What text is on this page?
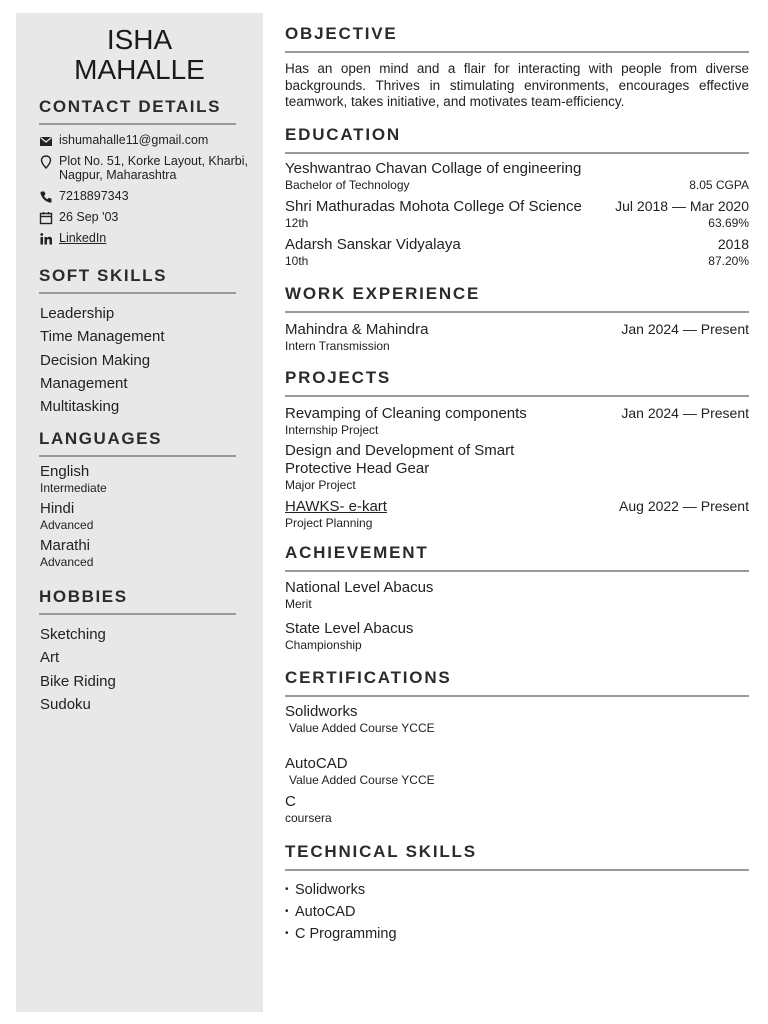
ISHA
MAHALLE
CONTACT DETAILS
ishumahalle11@gmail.com
Plot No. 51, Korke Layout, Kharbi, Nagpur, Maharashtra
7218897343
26 Sep '03
LinkedIn
SOFT SKILLS
Leadership
Time Management
Decision Making
Management
Multitasking
LANGUAGES
English
Intermediate
Hindi
Advanced
Marathi
Advanced
HOBBIES
Sketching
Art
Bike Riding
Sudoku
OBJECTIVE
Has an open mind and a flair for interacting with people from diverse backgrounds. Thrives in stimulating environments, encourages effective teamwork, takes initiative, and motivates team-efficiency.
EDUCATION
Yeshwantrao Chavan Collage of engineering
Bachelor of Technology	8.05 CGPA
Shri Mathuradas Mohota College Of Science Jul 2018 — Mar 2020
12th	63.69%
Adarsh Sanskar Vidyalaya	2018
10th	87.20%
WORK EXPERIENCE
Mahindra & Mahindra	Jan 2024 — Present
Intern Transmission
PROJECTS
Revamping of Cleaning components	Jan 2024 — Present
Internship Project
Design and Development of Smart Protective Head Gear
Major Project
HAWKS- e-kart	Aug 2022 — Present
Project Planning
ACHIEVEMENT
National Level Abacus
Merit
State Level Abacus
Championship
CERTIFICATIONS
Solidworks
Value Added Course YCCE
AutoCAD
Value Added Course YCCE
C
coursera
TECHNICAL SKILLS
• Solidworks
• AutoCAD
• C Programming
